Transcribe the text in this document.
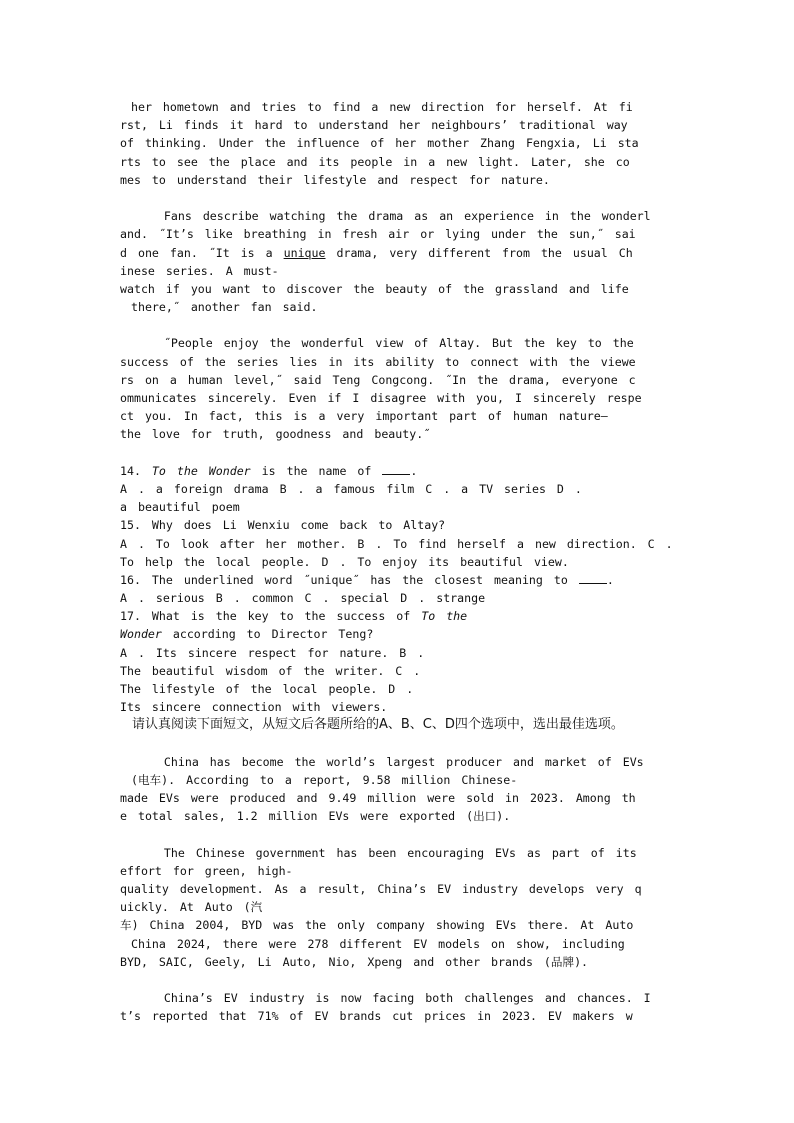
her hometown and tries to find a new direction for herself. At fi
rst, Li finds it hard to understand her neighbours’ traditional way
of thinking. Under the influence of her mother Zhang Fengxia, Li sta
rts to see the place and its people in a new light. Later, she co
mes to understand their lifestyle and respect for nature.
Fans describe watching the drama as an experience in the wonderl
and. ˝It’s like breathing in fresh air or lying under the sun,˝ sai
d one fan. ˝It is a unique drama, very different from the usual Ch
inese series. A must-
watch if you want to discover the beauty of the grassland and life
there,˝ another fan said.
˝People enjoy the wonderful view of Altay. But the key to the
success of the series lies in its ability to connect with the viewe
rs on a human level,˝ said Teng Congcong. ˝In the drama, everyone c
ommunicates sincerely. Even if I disagree with you, I sincerely respe
ct you. In fact, this is a very important part of human nature—
the love for truth, goodness and beauty.˝
14. To the Wonder is the name of .
A . a foreign drama B . a famous film C . a TV series D .
a beautiful poem
15. Why does Li Wenxiu come back to Altay?
A . To look after her mother. B . To find herself a new direction. C .
To help the local people. D . To enjoy its beautiful view.
16. The underlined word ˝unique˝ has the closest meaning to .
A . serious B . common C . special D . strange
17. What is the key to the success of To the
Wonder according to Director Teng?
A . Its sincere respect for nature. B .
The beautiful wisdom of the writer. C .
The lifestyle of the local people. D .
Its sincere connection with viewers.
请认真阅读下面短文，从短文后各题所给的A、B、C、D四个选项中，选出最佳选项。
China has become the world’s largest producer and market of EVs
(电车). According to a report, 9.58 million Chinese-
made EVs were produced and 9.49 million were sold in 2023. Among th
e total sales, 1.2 million EVs were exported (出口).
The Chinese government has been encouraging EVs as part of its
effort for green, high-
quality development. As a result, China’s EV industry develops very q
uickly. At Auto (汽
车) China 2004, BYD was the only company showing EVs there. At Auto
China 2024, there were 278 different EV models on show, including
BYD, SAIC, Geely, Li Auto, Nio, Xpeng and other brands (品牌).
China’s EV industry is now facing both challenges and chances. I
t’s reported that 71% of EV brands cut prices in 2023. EV makers w
